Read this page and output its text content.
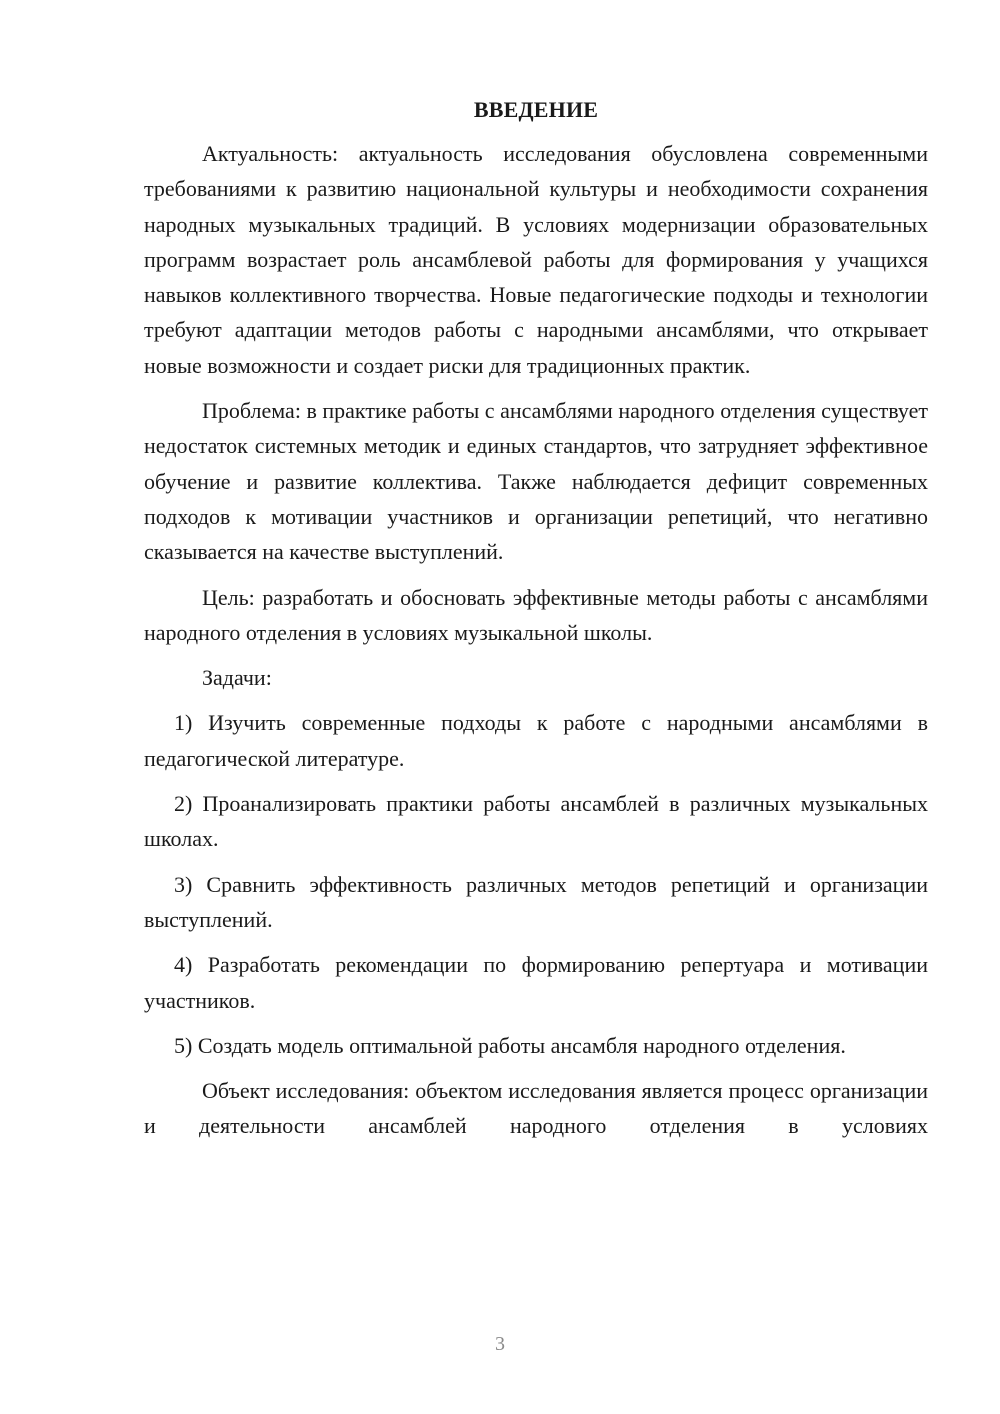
ВВЕДЕНИЕ

Актуальность: актуальность исследования обусловлена современными требованиями к развитию национальной культуры и необходимости сохранения народных музыкальных традиций. В условиях модернизации образовательных программ возрастает роль ансамблевой работы для формирования у учащихся навыков коллективного творчества. Новые педагогические подходы и технологии требуют адаптации методов работы с народными ансамблями, что открывает новые возможности и создает риски для традиционных практик.

Проблема: в практике работы с ансамблями народного отделения существует недостаток системных методик и единых стандартов, что затрудняет эффективное обучение и развитие коллектива. Также наблюдается дефицит современных подходов к мотивации участников и организации репетиций, что негативно сказывается на качестве выступлений.

Цель: разработать и обосновать эффективные методы работы с ансамблями народного отделения в условиях музыкальной школы.

Задачи:

1) Изучить современные подходы к работе с народными ансамблями в педагогической литературе.

2) Проанализировать практики работы ансамблей в различных музыкальных школах.

3) Сравнить эффективность различных методов репетиций и организации выступлений.

4) Разработать рекомендации по формированию репертуара и мотивации участников.

5) Создать модель оптимальной работы ансамбля народного отделения.

Объект исследования: объектом исследования является процесс организации и деятельности ансамблей народного отделения в условиях

3
